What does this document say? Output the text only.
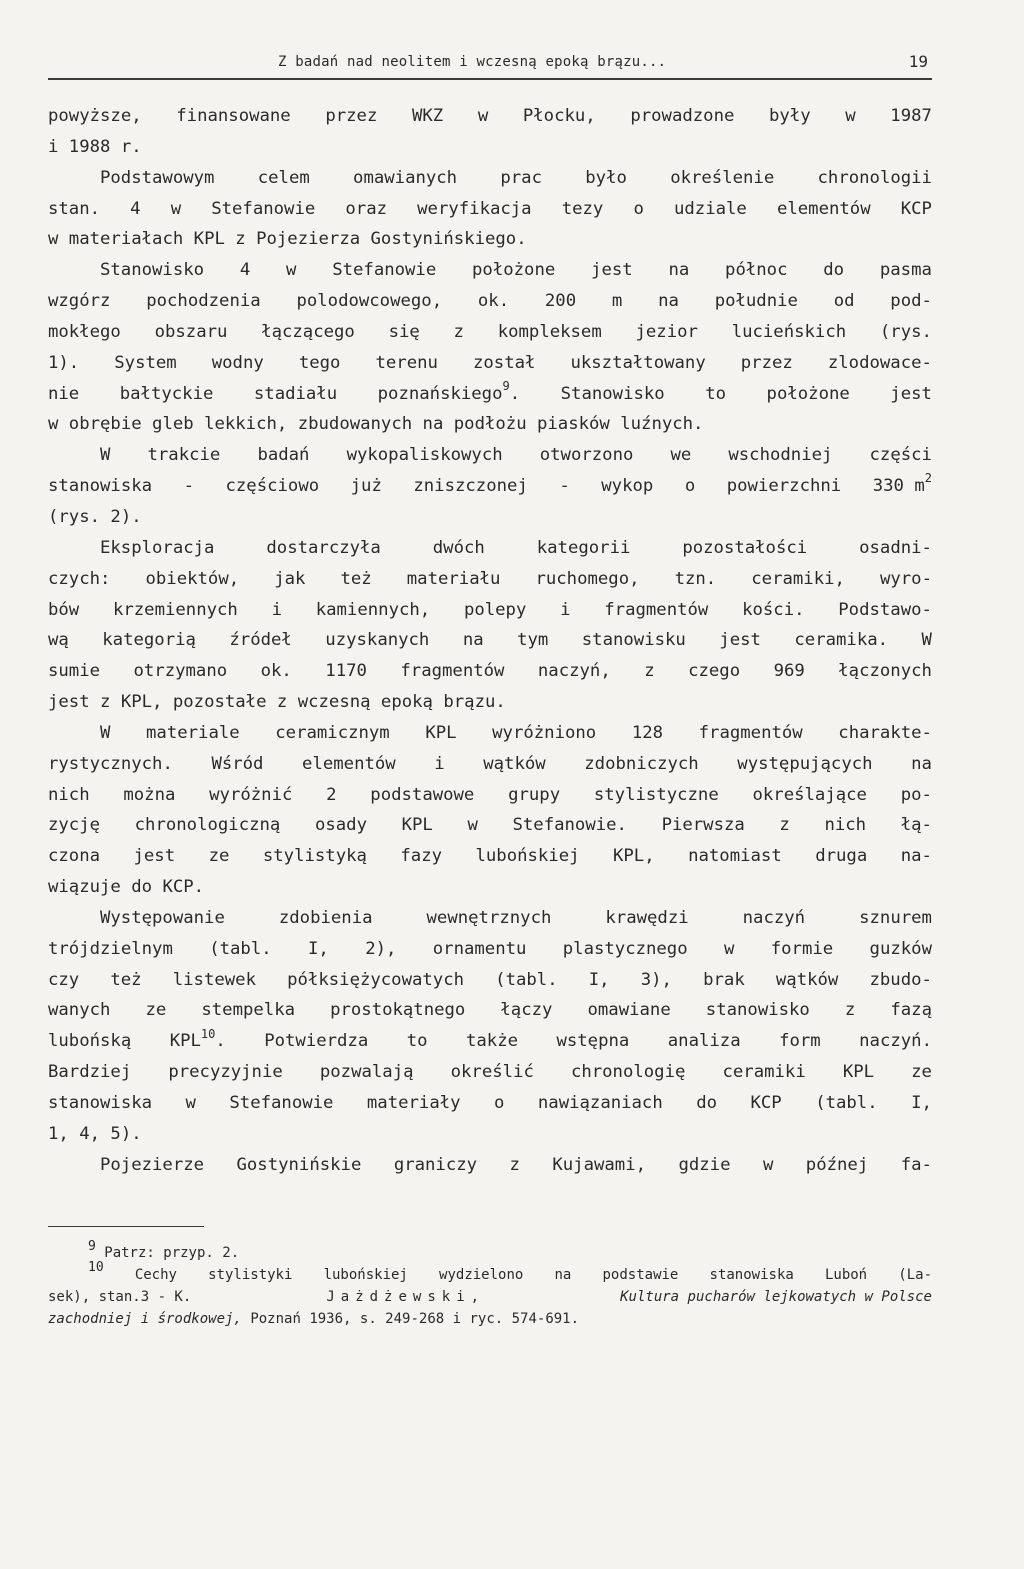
Z badań nad neolitem i wczesną epoką brązu...	19
powyższe, finansowane przez WKZ w Płocku, prowadzone były w 1987
i 1988 r.
Podstawowym	celem	omawianych	prac	było	określenie	chronologii
stan. 4 w Stefanowie oraz weryfikacja tezy o udziale elementów KCP
w materiałach KPL z Pojezierza Gostynińskiego.
Stanowisko 4 w Stefanowie położone jest na północ do pasma
wzgórz pochodzenia polodowcowego, ok. 200 m na południe od pod-
mokłego obszaru łączącego się z kompleksem jezior lucieńskich (rys.
1). System wodny tego terenu został ukształtowany przez zlodowace-
nie bałtyckie stadiału poznańskiego$^9$. Stanowisko to położone jest
w obrębie gleb lekkich, zbudowanych na podłożu piasków luźnych.
W trakcie badań wykopaliskowych otworzono we wschodniej części
stanowiska - częściowo już zniszczonej - wykop o powierzchni 330 $m^2$
(rys. 2).
Eksploracja	dostarczyła	dwóch	kategorii	pozostałości	osadni-
czych: obiektów, jak też materiału ruchomego, tzn. ceramiki, wyro-
bów krzemiennych i kamiennych, polepy i fragmentów kości. Podstawo-
wą kategorią źródeł uzyskanych na tym stanowisku jest ceramika. W
sumie otrzymano ok. 1170 fragmentów naczyń, z czego 969 łączonych
jest z KPL, pozostałe z wczesną epoką brązu.
W materiale ceramicznym KPL wyróżniono 128 fragmentów charakte-
rystycznych. Wśród elementów i wątków zdobniczych występujących na
nich można wyróżnić 2 podstawowe grupy stylistyczne określające po-
zycję chronologiczną osady KPL w Stefanowie. Pierwsza z nich łą-
czona jest ze stylistyką fazy lubońskiej KPL, natomiast druga na-
wiązuje do KCP.
Występowanie	zdobienia	wewnętrznych	krawędzi	naczyń	sznurem
trójdzielnym (tabl. I, 2), ornamentu plastycznego w formie guzków
czy też listewek półksiężycowatych (tabl. I, 3), brak wątków zbudo-
wanych ze stempelka prostokątnego łączy omawiane stanowisko z fazą
lubońską KPL$^{10}$. Potwierdza to także wstępna analiza form naczyń.
Bardziej precyzyjnie pozwalają określić chronologię ceramiki KPL ze
stanowiska w Stefanowie materiały o nawiązaniach do KCP (tabl. I,
1, 4, 5).
Pojezierze Gostynińskie graniczy z Kujawami, gdzie w późnej fa-
9 Patrz: przyp. 2.
10 Cechy stylistyki lubońskiej wydzielono na podstawie stanowiska Luboń (La-
sek), stan.3 - K.	Jażdżewski,	Kultura pucharów lejkowatych w Polsce
zachodniej i środkowej, Poznań 1936, s. 249-268 i ryc. 574-691.
